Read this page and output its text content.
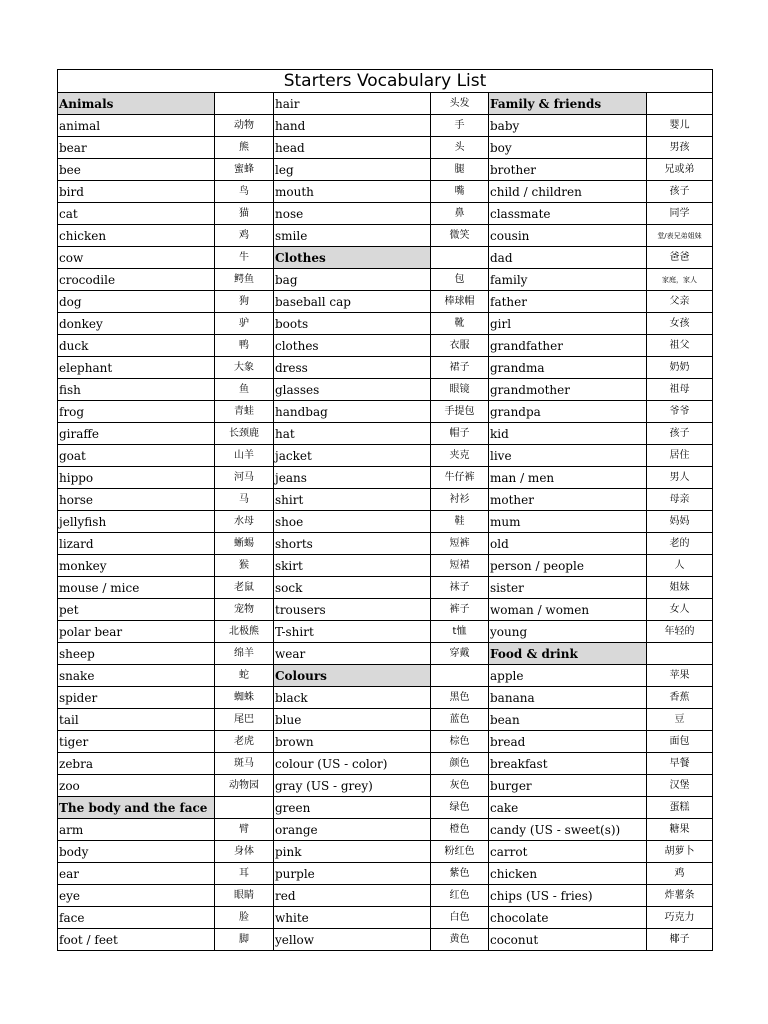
Starters Vocabulary List					
Animals		hair	头发	Family & friends	
animal	动物	hand	手	baby	婴儿
bear	熊	head	头	boy	男孩
bee	蜜蜂	leg	腿	brother	兄或弟
bird	鸟	mouth	嘴	child / children	孩子
cat	猫	nose	鼻	classmate	同学
chicken	鸡	smile	微笑	cousin	堂/表兄弟姐妹
cow	牛	Clothes		dad	爸爸
crocodile	鳄鱼	bag	包	family	家庭，家人
dog	狗	baseball cap	棒球帽	father	父亲
donkey	驴	boots	靴	girl	女孩
duck	鸭	clothes	衣服	grandfather	祖父
elephant	大象	dress	裙子	grandma	奶奶
fish	鱼	glasses	眼镜	grandmother	祖母
frog	青蛙	handbag	手提包	grandpa	爷爷
giraffe	长颈鹿	hat	帽子	kid	孩子
goat	山羊	jacket	夹克	live	居住
hippo	河马	jeans	牛仔裤	man / men	男人
horse	马	shirt	衬衫	mother	母亲
jellyfish	水母	shoe	鞋	mum	妈妈
lizard	蜥蜴	shorts	短裤	old	老的
monkey	猴	skirt	短裙	person / people	人
mouse / mice	老鼠	sock	袜子	sister	姐妹
pet	宠物	trousers	裤子	woman / women	女人
polar bear	北极熊	T-shirt	t恤	young	年轻的
sheep	绵羊	wear	穿戴	Food & drink	
snake	蛇	Colours		apple	苹果
spider	蜘蛛	black	黑色	banana	香蕉
tail	尾巴	blue	蓝色	bean	豆
tiger	老虎	brown	棕色	bread	面包
zebra	斑马	colour (US - color)	颜色	breakfast	早餐
zoo	动物园	gray (US - grey)	灰色	burger	汉堡
The body and the face		green	绿色	cake	蛋糕
arm	臂	orange	橙色	candy (US - sweet(s))	糖果
body	身体	pink	粉红色	carrot	胡萝卜
ear	耳	purple	紫色	chicken	鸡
eye	眼睛	red	红色	chips (US - fries)	炸薯条
face	脸	white	白色	chocolate	巧克力
foot / feet	脚	yellow	黄色	coconut	椰子
